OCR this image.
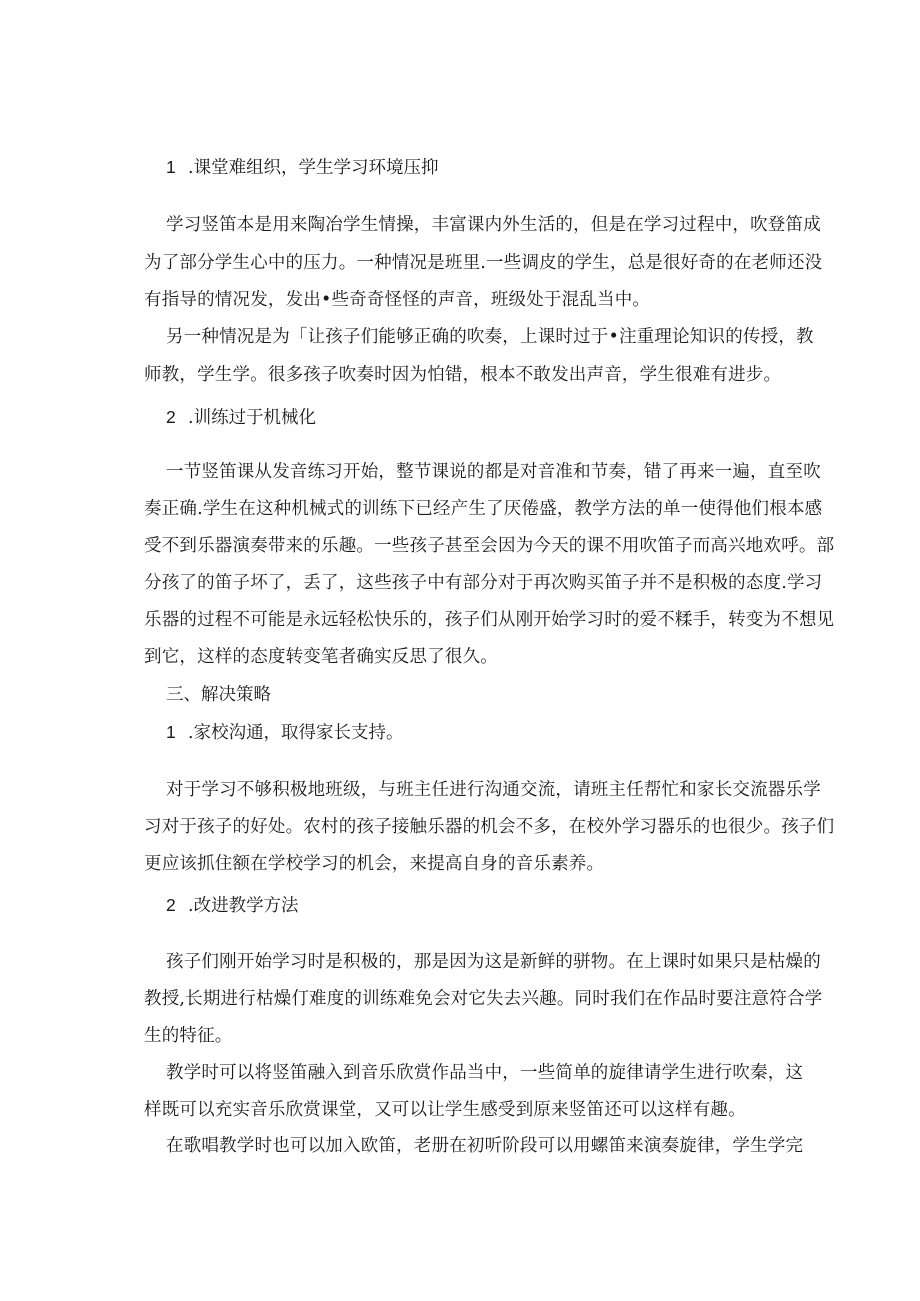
1 .课堂难组织，学生学习环境压抑
学习竖笛本是用来陶冶学生情操，丰富课内外生活的，但是在学习过程中，吹登笛成
为了部分学生心中的压力。一种情况是班里.一些调皮的学生，总是很好奇的在老师还没
有指导的情况发，发出•些奇奇怪怪的声音，班级处于混乱当中。
另一种情况是为「让孩子们能够正确的吹奏，上课时过于•注重理论知识的传授，教
师教，学生学。很多孩子吹奏时因为怕错，根本不敢发出声音，学生很难有进步。
2 .训练过于机械化
一节竖笛课从发音练习开始，整节课说的都是对音准和节奏，错了再来一遍，直至吹
奏正确.学生在这种机械式的训练下已经产生了厌倦盛，教学方法的单一使得他们根本感
受不到乐器演奏带来的乐趣。一些孩子甚至会因为今天的课不用吹笛子而高兴地欢呼。部
分孩了的笛子坏了，丢了，这些孩子中有部分对于再次购买笛子并不是积极的态度.学习
乐器的过程不可能是永远轻松快乐的，孩子们从刚开始学习时的爱不糅手，转变为不想见
到它，这样的态度转变笔者确实反思了很久。
三、解决策略
1 .家校沟通，取得家长支持。
对于学习不够积极地班级，与班主任进行沟通交流，请班主任帮忙和家长交流器乐学
习对于孩子的好处。农村的孩子接触乐器的机会不多，在校外学习器乐的也很少。孩子们
更应该抓住额在学校学习的机会，来提高自身的音乐素养。
2 .改进教学方法
孩子们刚开始学习时是积极的，那是因为这是新鲜的骈物。在上课时如果只是枯燥的
教授,长期进行枯燥仃难度的训练难免会对它失去兴趣。同时我们在作品时要注意符合学
生的特征。
教学时可以将竖笛融入到音乐欣赏作品当中，一些简单的旋律请学生进行吹秦，这
样既可以充实音乐欣赏课堂，又可以让学生感受到原来竖笛还可以这样有趣。
在歌唱教学时也可以加入欧笛，老册在初听阶段可以用螺笛来演奏旋律，学生学完
